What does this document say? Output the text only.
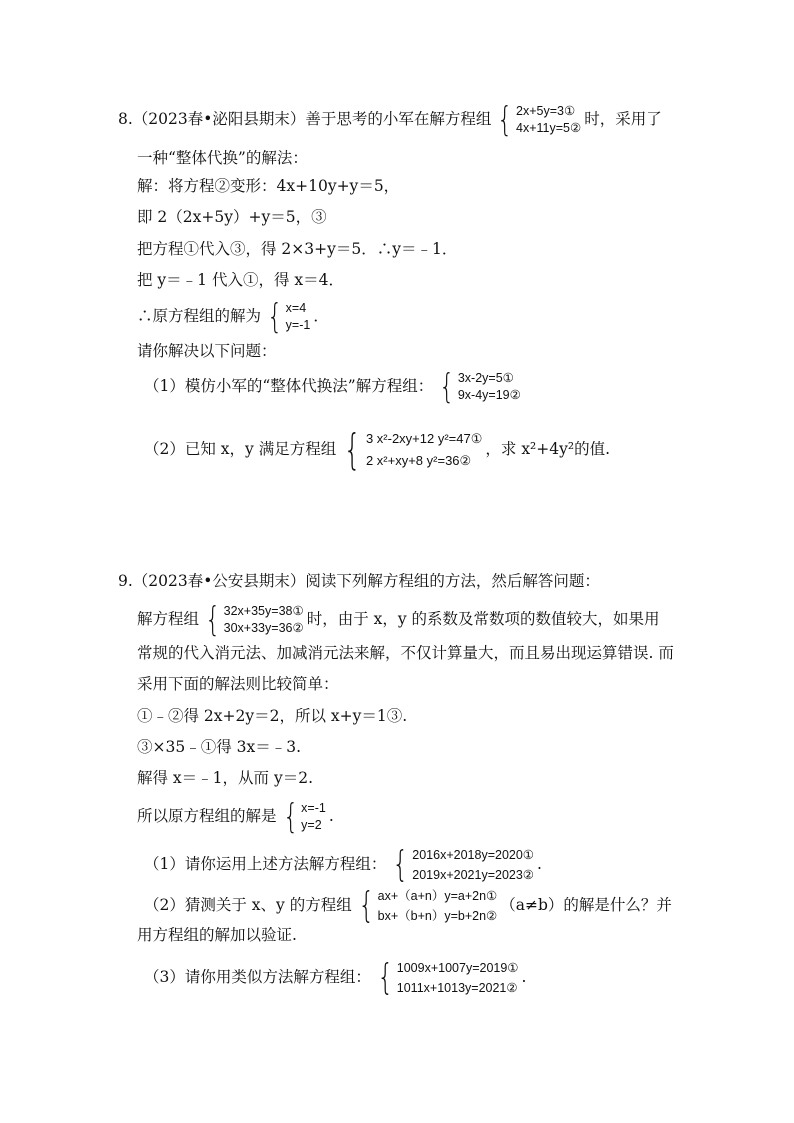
8.（2023春•泌阳县期末）善于思考的小军在解方程组 { 2x+5y=3①
4x+11y=5② 时，采用了
一种“整体代换”的解法：
解：将方程②变形：4x+10y+y＝5，
即 2（2x+5y）+y＝5，③
把方程①代入③，得 2×3+y＝5．∴y＝﹣1．
把 y＝﹣1 代入①，得 x＝4．
∴原方程组的解为 { x=4
y=-1 ．
请你解决以下问题：
（1）模仿小军的“整体代换法”解方程组： { 3x-2y=5①
9x-4y=19②
（2）已知 x，y 满足方程组 { 3 x²-2xy+12 y²=47①
2 x²+xy+8 y²=36②
，求 x²+4y²的值.
9.（2023春•公安县期末）阅读下列解方程组的方法，然后解答问题：
解方程组 { 32x+35y=38①
30x+33y=36② 时，由于 x，y 的系数及常数项的数值较大，如果用
常规的代入消元法、加减消元法来解，不仅计算量大，而且易出现运算错误. 而
采用下面的解法则比较简单：
①﹣②得 2x+2y＝2，所以 x+y＝1③.
③×35﹣①得 3x＝﹣3.
解得 x＝﹣1，从而 y＝2.
所以原方程组的解是 { x=-1
y=2 .
（1）请你运用上述方法解方程组： { 2016x+2018y=2020①
2019x+2021y=2023②
.
（2）猜测关于 x、y 的方程组 { ax+（a+n）y=a+2n①
bx+（b+n）y=b+2n②
（a≠b）的解是什么？并
用方程组的解加以验证.
（3）请你用类似方法解方程组： { 1009x+1007y=2019①
1011x+1013y=2021②
.
